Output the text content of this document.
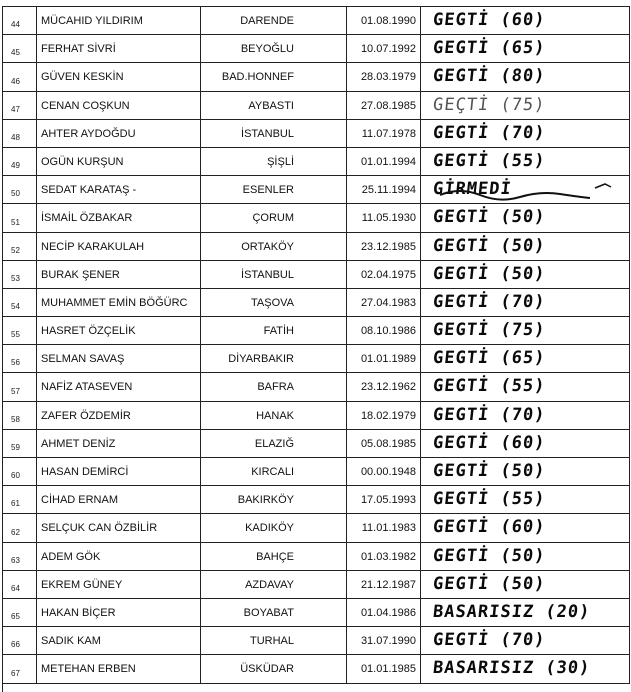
44 MÜCAHID YILDIRIM	DARENDE	01.08.1990 GEGTİ (60)
45 FERHAT SİVRİ	BEYOĞLU	10.07.1992 GEGTİ (65)
46 GÜVEN KESKİN	BAD.HONNEF	28.03.1979 GEGTİ (80)
47 CENAN COŞKUN	AYBASTI	27.08.1985 GEÇTİ (75)
48 AHTER AYDOĞDU	İSTANBUL	11.07.1978 GEGTİ (70)
49 OGÜN KURŞUN	ŞİŞLİ	01.01.1994 GEGTİ (55)
50 SEDAT KARATAŞ -	ESENLER	25.11.1994 GİRMEDİ
51 İSMAİL ÖZBAKAR	ÇORUM	11.05.1930 GEGTİ (50)
52 NECİP KARAKULAH	ORTAKÖY	23.12.1985 GEGTİ (50)
53 BURAK ŞENER	İSTANBUL	02.04.1975 GEGTİ (50)
54 MUHAMMET EMİN BÖĞÜRC	TAŞOVA	27.04.1983 GEGTİ (70)
55 HASRET ÖZÇELİK	FATİH	08.10.1986 GEGTİ (75)
56 SELMAN SAVAŞ	DİYARBAKIR	01.01.1989 GEGTİ (65)
57 NAFİZ ATASEVEN	BAFRA	23.12.1962 GEGTİ (55)
58 ZAFER ÖZDEMİR	HANAK	18.02.1979 GEGTİ (70)
59 AHMET DENİZ	ELAZIĞ	05.08.1985 GEGTİ (60)
60 HASAN DEMİRCİ	KIRCALI	00.00.1948 GEGTİ (50)
61 CİHAD ERNAM	BAKIRKÖY	17.05.1993 GEGTİ (55)
62 SELÇUK CAN ÖZBİLİR	KADIKÖY	11.01.1983 GEGTİ (60)
63 ADEM GÖK	BAHÇE	01.03.1982 GEGTİ (50)
64 EKREM GÜNEY	AZDAVAY	21.12.1987 GEGTİ (50)
65 HAKAN BİÇER	BOYABAT	01.04.1986 BASARISIZ (20)
66 SADIK KAM	TURHAL	31.07.1990 GEGTİ (70)
67 METEHAN ERBEN	ÜSKÜDAR	01.01.1985 BASARISIZ (30)
